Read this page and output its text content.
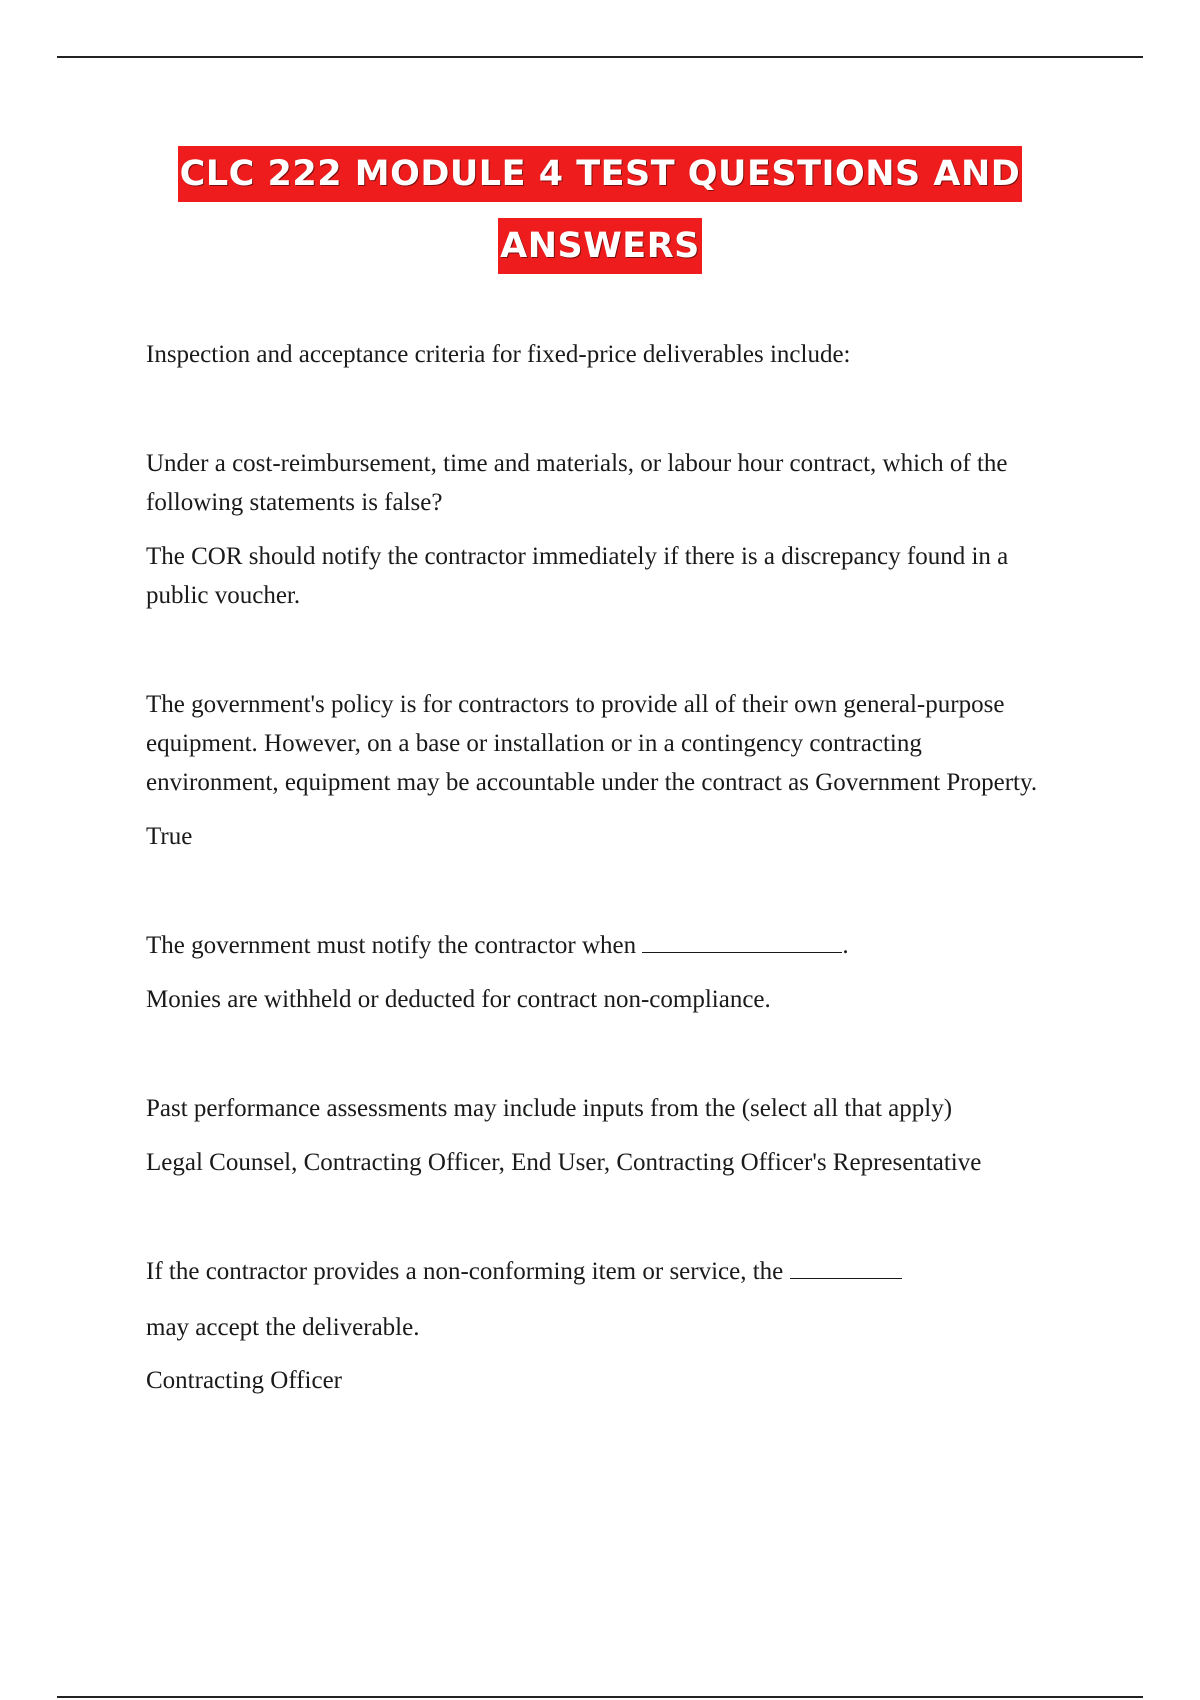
CLC 222 MODULE 4 TEST QUESTIONS AND
ANSWERS

Inspection and acceptance criteria for fixed-price deliverables include:

Under a cost-reimbursement, time and materials, or labour hour contract, which of the following statements is false?

The COR should notify the contractor immediately if there is a discrepancy found in a public voucher.

The government's policy is for contractors to provide all of their own general-purpose equipment. However, on a base or installation or in a contingency contracting environment, equipment may be accountable under the contract as Government Property.

True

The government must notify the contractor when	.

Monies are withheld or deducted for contract non-compliance.

Past performance assessments may include inputs from the (select all that apply)

Legal Counsel, Contracting Officer, End User, Contracting Officer's Representative

If the contractor provides a non-conforming item or service, the

may accept the deliverable.

Contracting Officer
